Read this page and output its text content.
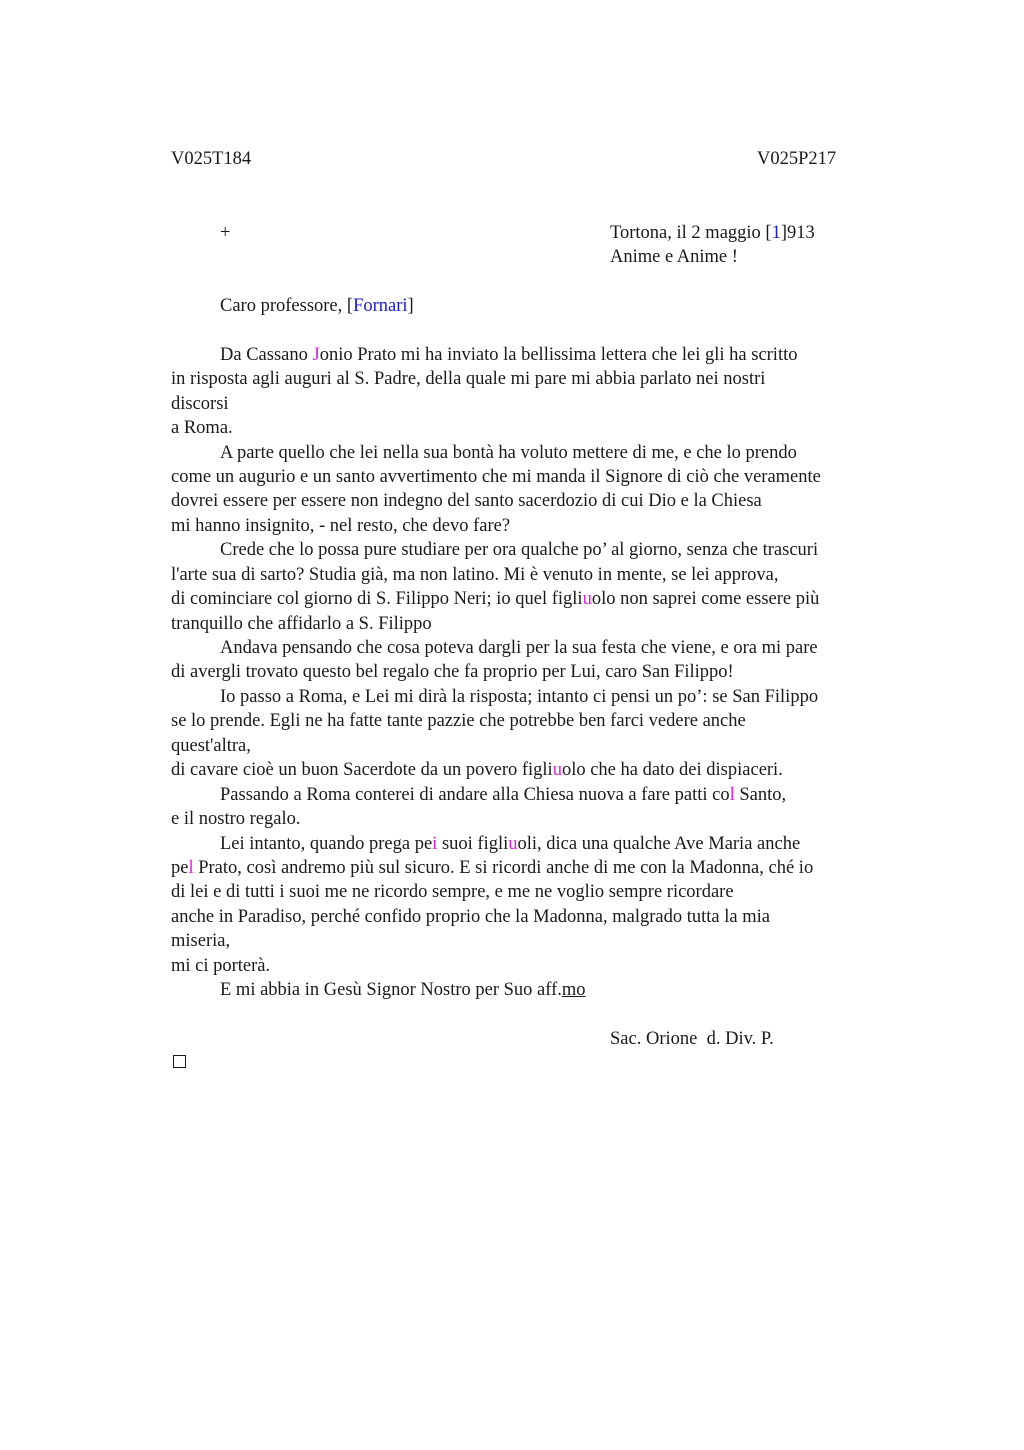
V025T184	V025P217
+	Tortona, il 2 maggio [1]913
Anime e Anime !
Caro professore, [Fornari]
Da Cassano Jonio Prato mi ha inviato la bellissima lettera che lei gli ha scritto
in risposta agli auguri al S. Padre, della quale mi pare mi abbia parlato nei nostri
discorsi
a Roma.
A parte quello che lei nella sua bontà ha voluto mettere di me, e che lo prendo
come un augurio e un santo avvertimento che mi manda il Signore di ciò che veramente
dovrei essere per essere non indegno del santo sacerdozio di cui Dio e la Chiesa
mi hanno insignito, - nel resto, che devo fare?
Crede che lo possa pure studiare per ora qualche po’ al giorno, senza che trascuri
l'arte sua di sarto? Studia già, ma non latino. Mi è venuto in mente, se lei approva,
di cominciare col giorno di S. Filippo Neri; io quel figliuolo non saprei come essere più
tranquillo che affidarlo a S. Filippo
Andava pensando che cosa poteva dargli per la sua festa che viene, e ora mi pare
di avergli trovato questo bel regalo che fa proprio per Lui, caro San Filippo!
Io passo a Roma, e Lei mi dirà la risposta; intanto ci pensi un po’: se San Filippo
se lo prende. Egli ne ha fatte tante pazzie che potrebbe ben farci vedere anche
quest'altra,
di cavare cioè un buon Sacerdote da un povero figliuolo che ha dato dei dispiaceri.
Passando a Roma conterei di andare alla Chiesa nuova a fare patti col Santo,
e il nostro regalo.
Lei intanto, quando prega pei suoi figliuoli, dica una qualche Ave Maria anche
pel Prato, così andremo più sul sicuro. E si ricordi anche di me con la Madonna, ché io
di lei e di tutti i suoi me ne ricordo sempre, e me ne voglio sempre ricordare
anche in Paradiso, perché confido proprio che la Madonna, malgrado tutta la mia
miseria,
mi ci porterà.
E mi abbia in Gesù Signor Nostro per Suo aff.mo
Sac. Orione  d. Div. P.
